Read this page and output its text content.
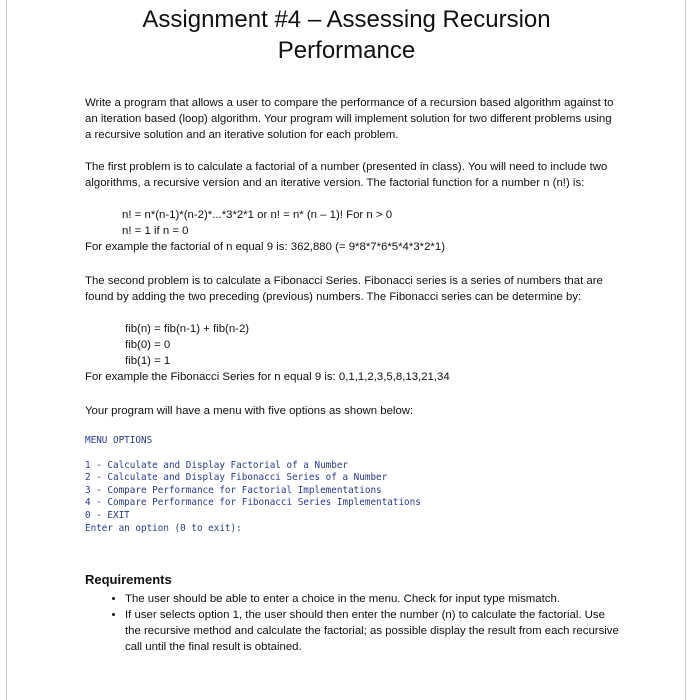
Assignment #4 – Assessing Recursion
Performance

Write a program that allows a user to compare the performance of a recursion based algorithm against to an iteration based (loop) algorithm. Your program will implement solution for two different problems using a recursive solution and an iterative solution for each problem.

The first problem is to calculate a factorial of a number (presented in class). You will need to include two algorithms, a recursive version and an iterative version. The factorial function for a number n (n!) is:

n! = n*(n-1)*(n-2)*...*3*2*1 or n! = n* (n – 1)! For n > 0
n! = 1 if n = 0

For example the factorial of n equal 9 is: 362,880 (= 9*8*7*6*5*4*3*2*1)

The second problem is to calculate a Fibonacci Series. Fibonacci series is a series of numbers that are found by adding the two preceding (previous) numbers. The Fibonacci series can be determine by:

fib(n) = fib(n-1) + fib(n-2)
fib(0) = 0
fib(1) = 1

For example the Fibonacci Series for n equal 9 is: 0,1,1,2,3,5,8,13,21,34

Your program will have a menu with five options as shown below:

MENU OPTIONS
1 - Calculate and Display Factorial of a Number
2 - Calculate and Display Fibonacci Series of a Number
3 - Compare Performance for Factorial Implementations
4 - Compare Performance for Fibonacci Series Implementations
0 - EXIT
Enter an option (0 to exit):
Requirements
• The user should be able to enter a choice in the menu. Check for input type mismatch.
• If user selects option 1, the user should then enter the number (n) to calculate the factorial. Use the recursive method and calculate the factorial; as possible display the result from each recursive call until the final result is obtained.
